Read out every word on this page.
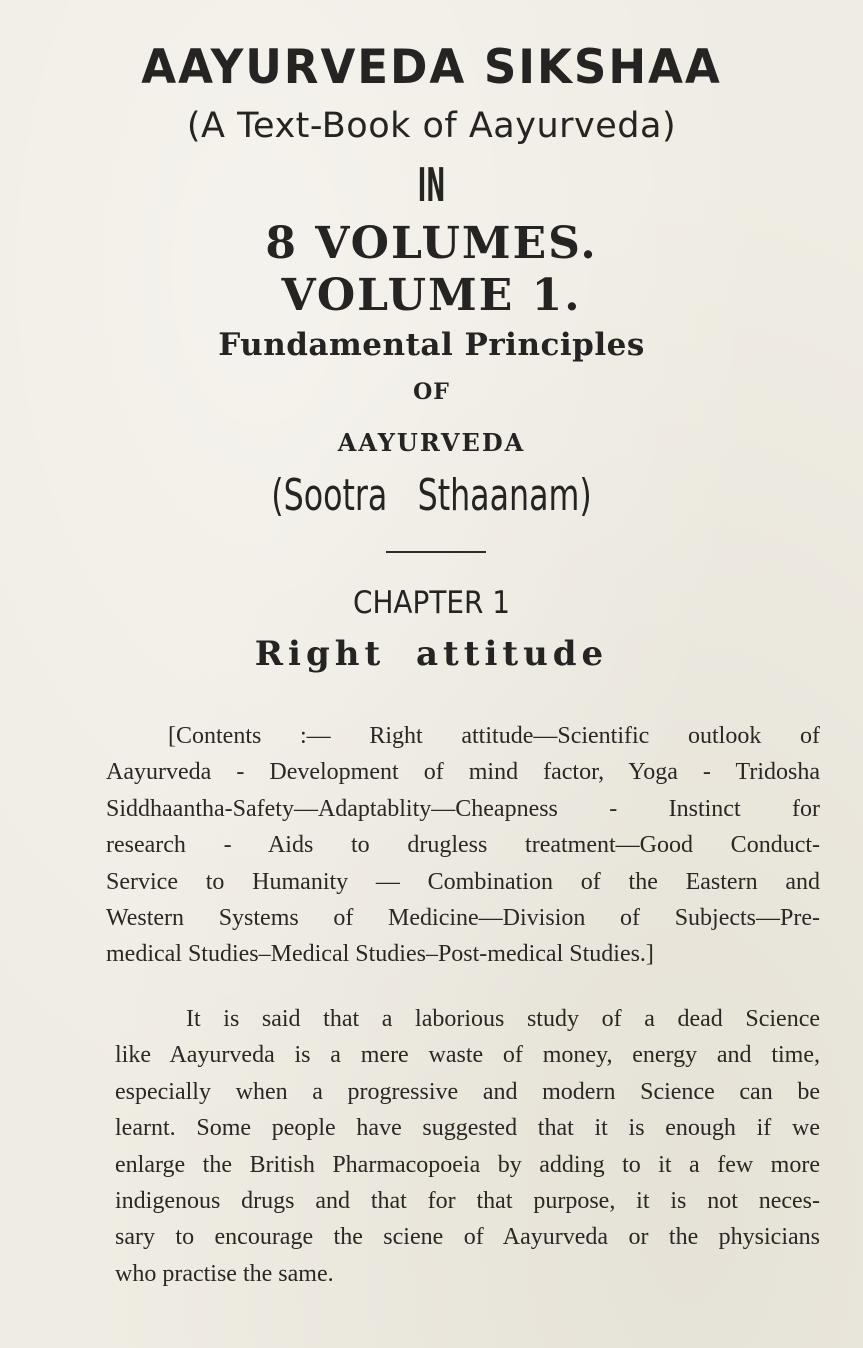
AAYURVEDA SIKSHAA
(A Text-Book of Aayurveda)
IN
8 VOLUMES.
VOLUME 1.
Fundamental Principles
OF
AAYURVEDA
(Sootra Sthaanam)
CHAPTER 1
Right attitude
[Contents :— Right attitude—Scientific outlook of
Aayurveda - Development of mind factor, Yoga - Tridosha
Siddhaantha-Safety—Adaptablity—Cheapness - Instinct for
research - Aids to drugless treatment—Good Conduct-
Service to Humanity — Combination of the Eastern and
Western Systems of Medicine—Division of Subjects—Pre-
medical Studies–Medical Studies–Post-medical Studies.]
It is said that a laborious study of a dead Science
like Aayurveda is a mere waste of money, energy and time,
especially when a progressive and modern Science can be
learnt. Some people have suggested that it is enough if we
enlarge the British Pharmacopoeia by adding to it a few more
indigenous drugs and that for that purpose, it is not neces-
sary to encourage the sciene of Aayurveda or the physicians
who practise the same.
